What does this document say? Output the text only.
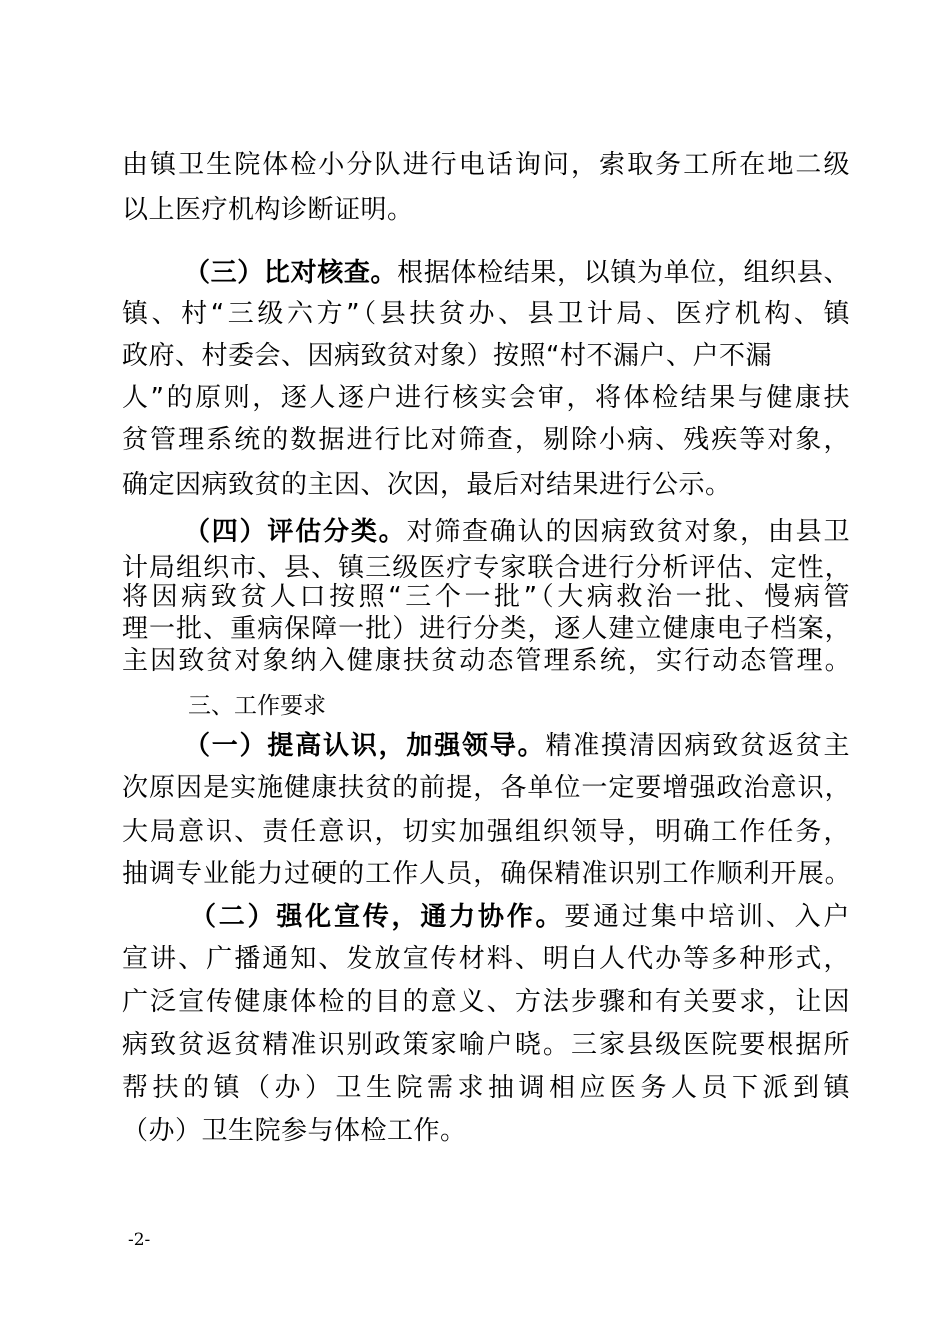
由镇卫生院体检小分队进行电话询问，索取务工所在地二级
以上医疗机构诊断证明。
（三）比对核查。根据体检结果，以镇为单位，组织县、
镇、村“三级六方”（县扶贫办、县卫计局、医疗机构、镇
政府、村委会、因病致贫对象）按照“村不漏户、户不漏
人”的原则，逐人逐户进行核实会审，将体检结果与健康扶
贫管理系统的数据进行比对筛查，剔除小病、残疾等对象，
确定因病致贫的主因、次因，最后对结果进行公示。
（四）评估分类。对筛查确认的因病致贫对象，由县卫
计局组织市、县、镇三级医疗专家联合进行分析评估、定性，
将因病致贫人口按照“三个一批”（大病救治一批、慢病管
理一批、重病保障一批）进行分类，逐人建立健康电子档案，
主因致贫对象纳入健康扶贫动态管理系统，实行动态管理。
三、工作要求
（一）提高认识，加强领导。精准摸清因病致贫返贫主
次原因是实施健康扶贫的前提，各单位一定要增强政治意识，
大局意识、责任意识，切实加强组织领导，明确工作任务，
抽调专业能力过硬的工作人员，确保精准识别工作顺利开展。
（二）强化宣传，通力协作。要通过集中培训、入户
宣讲、广播通知、发放宣传材料、明白人代办等多种形式，
广泛宣传健康体检的目的意义、方法步骤和有关要求，让因
病致贫返贫精准识别政策家喻户晓。三家县级医院要根据所
帮扶的镇（办）卫生院需求抽调相应医务人员下派到镇
（办）卫生院参与体检工作。
-2-
